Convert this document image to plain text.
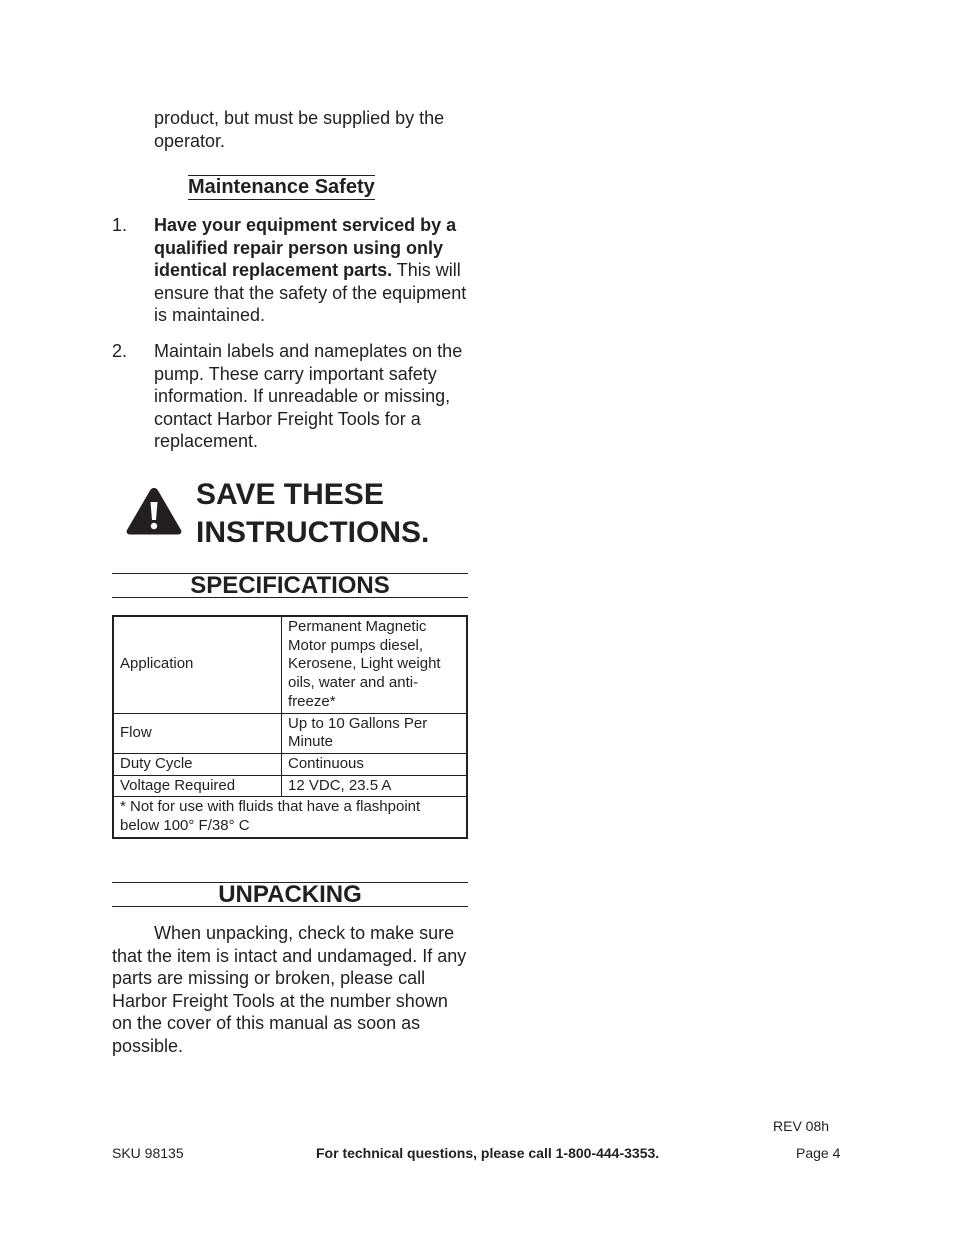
product, but must be supplied by the operator.
Maintenance Safety
1. Have your equipment serviced by a qualified repair person using only identical replacement parts. This will ensure that the safety of the equipment is maintained.
2. Maintain labels and nameplates on the pump. These carry important safety information. If unreadable or missing, contact Harbor Freight Tools for a replacement.
SAVE THESE
INSTRUCTIONS.
SPECIFICATIONS
Application	Permanent Magnetic Motor pumps diesel, Kerosene, Light weight oils, water and anti-freeze*
Flow	Up to 10 Gallons Per Minute
Duty Cycle	Continuous
Voltage Required	12 VDC, 23.5 A
* Not for use with fluids that have a flashpoint below 100° F/38° C	
UNPACKING
When unpacking, check to make sure that the item is intact and undamaged. If any parts are missing or broken, please call Harbor Freight Tools at the number shown on the cover of this manual as soon as possible.
REV 08h
SKU 98135	For technical questions, please call 1-800-444-3353.	Page 4
